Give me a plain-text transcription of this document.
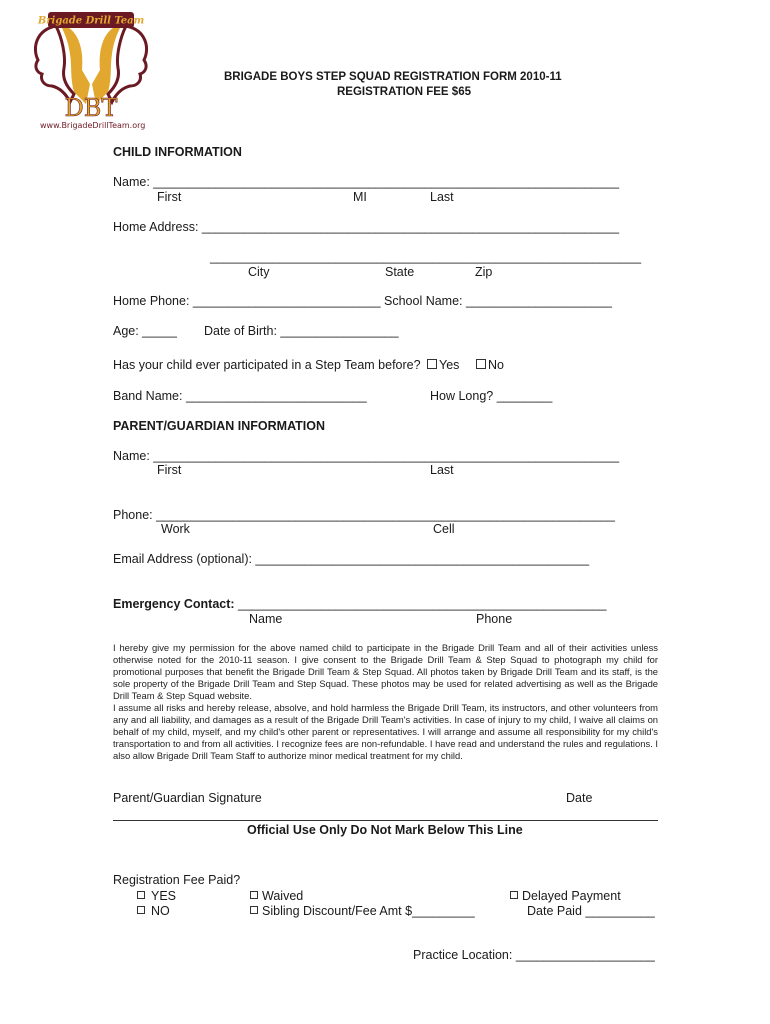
Brigade Drill Team
DBT
www.BrigadeDrillTeam.org
BRIGADE BOYS STEP SQUAD REGISTRATION FORM 2010-11
REGISTRATION FEE $65
CHILD INFORMATION
Name: ___________________________________________________________________
First	MI	Last
Home Address: ____________________________________________________________
______________________________________________________________
City	State	Zip
Home Phone: ___________________________ School Name: _____________________
Age: _____ Date of Birth: _________________
Has your child ever participated in a Step Team before?	Yes	No
Band Name: __________________________	How Long? ________
PARENT/GUARDIAN INFORMATION
Name: ___________________________________________________________________
First	Last
Phone: __________________________________________________________________
Work	Cell
Email Address (optional): ________________________________________________
Emergency Contact: _____________________________________________________
Name	Phone
I hereby give my permission for the above named child to participate in the Brigade Drill Team and all of their activities unless otherwise noted for the 2010-11 season. I give consent to the Brigade Drill Team & Step Squad to photograph my child for promotional purposes that benefit the Brigade Drill Team & Step Squad. All photos taken by Brigade Drill Team and its staff, is the sole property of the Brigade Drill Team and Step Squad. These photos may be used for related advertising as well as the Brigade Drill Team & Step Squad website.
I assume all risks and hereby release, absolve, and hold harmless the Brigade Drill Team, its instructors, and other volunteers from any and all liability, and damages as a result of the Brigade Drill Team's activities. In case of injury to my child, I waive all claims on behalf of my child, myself, and my child's other parent or representatives. I will arrange and assume all responsibility for my child's transportation to and from all activities. I recognize fees are non-refundable. I have read and understand the rules and regulations. I also allow Brigade Drill Team Staff to authorize minor medical treatment for my child.
Parent/Guardian Signature	Date
Official Use Only Do Not Mark Below This Line
Registration Fee Paid?
YES
NO
Waived
Sibling Discount/Fee Amt $_________
Delayed Payment
Date Paid __________
Practice Location: ____________________
